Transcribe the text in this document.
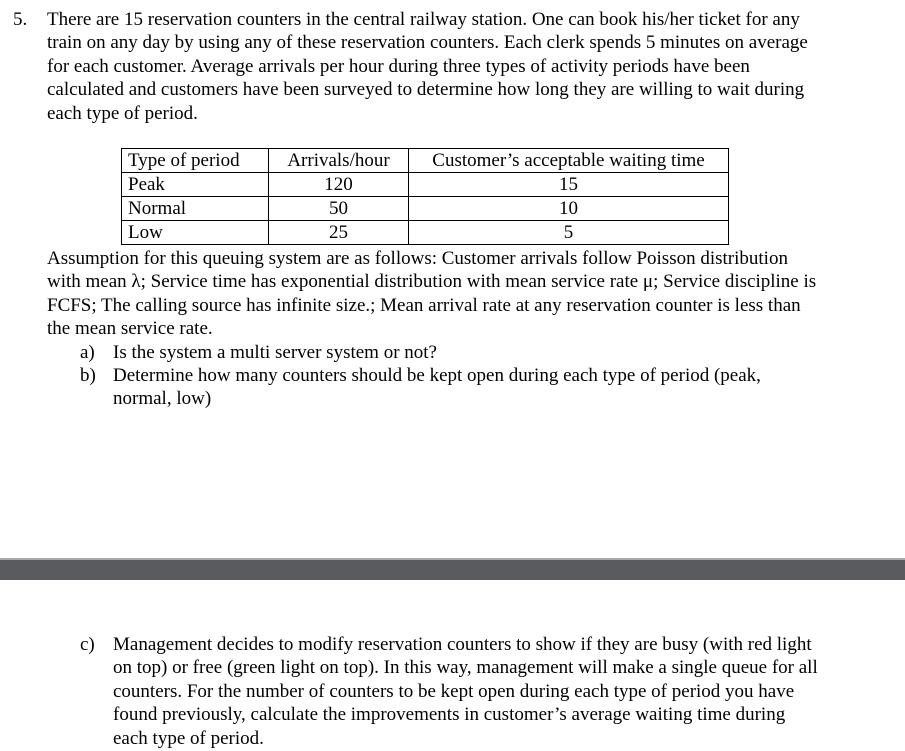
5. There are 15 reservation counters in the central railway station. One can book his/her ticket for any
train on any day by using any of these reservation counters. Each clerk spends 5 minutes on average
for each customer. Average arrivals per hour during three types of activity periods have been
calculated and customers have been surveyed to determine how long they are willing to wait during
each type of period.
Type of period	Arrivals/hour	Customer’s acceptable waiting time
Peak	120	15
Normal	50	10
Low	25	5
Assumption for this queuing system are as follows: Customer arrivals follow Poisson distribution
with mean λ; Service time has exponential distribution with mean service rate μ; Service discipline is
FCFS; The calling source has infinite size.; Mean arrival rate at any reservation counter is less than
the mean service rate.
a) Is the system a multi server system or not?
b) Determine how many counters should be kept open during each type of period (peak,
normal, low)
c) Management decides to modify reservation counters to show if they are busy (with red light
on top) or free (green light on top). In this way, management will make a single queue for all
counters. For the number of counters to be kept open during each type of period you have
found previously, calculate the improvements in customer’s average waiting time during
each type of period.
